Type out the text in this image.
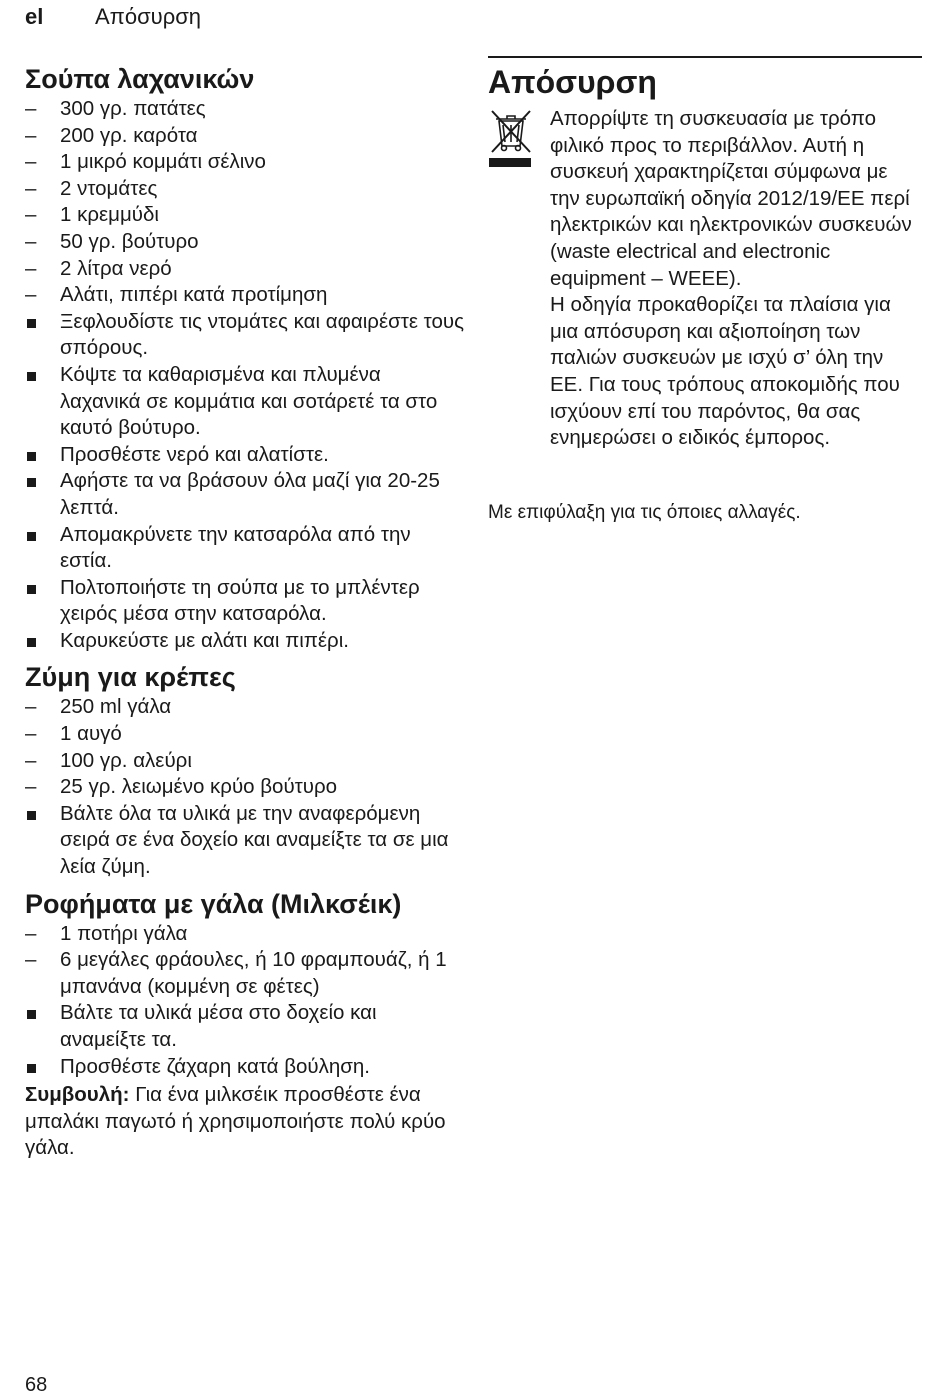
el Απόσυρση
Σούπα λαχανικών
–
300 γρ. πατάτες
–
200 γρ. καρότα
–
1 μικρό κομμάτι σέλινο
–
2 ντομάτες
–
1 κρεμμύδι
–
50 γρ. βούτυρο
–
2 λίτρα νερό
–
Αλάτι, πιπέρι κατά προτίμηση
Ξεφλουδίστε τις ντομάτες και αφαιρέστε τους σπόρους.
Κόψτε τα καθαρισμένα και πλυμένα λαχανικά σε κομμάτια και σοτάρετέ τα στο καυτό βούτυρο.
Προσθέστε νερό και αλατίστε.
Αφήστε τα να βράσουν όλα μαζί για 20-25 λεπτά.
Απομακρύνετε την κατσαρόλα από την εστία.
Πολτοποιήστε τη σούπα με το μπλέντερ χειρός μέσα στην κατσαρόλα.
Καρυκεύστε με αλάτι και πιπέρι.
Ζύμη για κρέπες
–
250 ml γάλα
–
1 αυγό
–
100 γρ. αλεύρι
–
25 γρ. λειωμένο κρύο βούτυρο
Βάλτε όλα τα υλικά με την αναφερόμενη σειρά σε ένα δοχείο και αναμείξτε τα σε μια λεία ζύμη.
Ροφήματα με γάλα (Μιλκσέικ)
–
1 ποτήρι γάλα
–
6 μεγάλες φράουλες, ή 10 φραμπουάζ, ή 1 μπανάνα (κομμένη σε φέτες)
Βάλτε τα υλικά μέσα στο δοχείο και αναμείξτε τα.
Προσθέστε ζάχαρη κατά βούληση.
Συμβουλή: Για ένα μιλκσέικ προσθέστε ένα μπαλάκι παγωτό ή χρησιμοποιήστε πολύ κρύο γάλα.
Απόσυρση

Απορρίψτε τη συσκευασία με τρόπο φιλικό προς το περιβάλλον. Αυτή η συσκευή χαρακτηρίζεται σύμφωνα με την ευρωπαϊκή οδηγία 2012/19/ΕΕ περί ηλεκτρικών και ηλεκτρονικών συσκευών (waste electrical and electronic equipment – WEEE).

Η οδηγία προκαθορίζει τα πλαίσια για μια απόσυρση και αξιοποίηση των παλιών συσκευών με ισχύ σ’ όλη την ΕΕ. Για τους τρόπους αποκομιδής που ισχύουν επί του παρόντος, θα σας ενημερώσει ο ειδικός έμπορος.

Με επιφύλαξη για τις όποιες αλλαγές.
68
